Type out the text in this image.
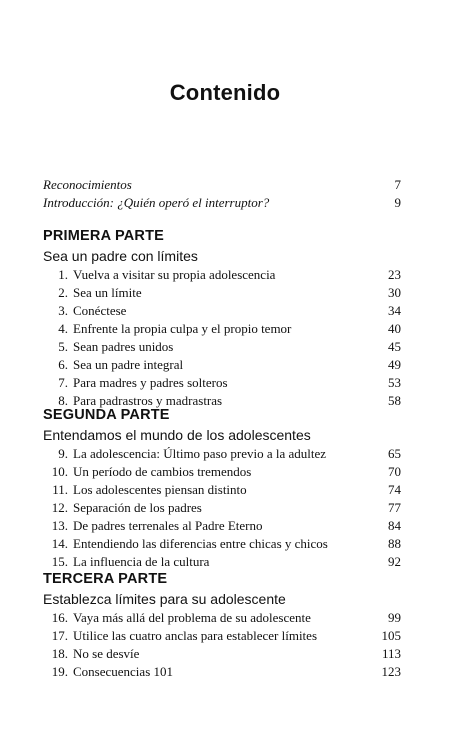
Contenido
Reconocimientos	7
Introducción: ¿Quién operó el interruptor?	9
PRIMERA PARTE
Sea un padre con límites
1. Vuelva a visitar su propia adolescencia	23
2. Sea un límite	30
3. Conéctese	34
4. Enfrente la propia culpa y el propio temor	40
5. Sean padres unidos	45
6. Sea un padre integral	49
7. Para madres y padres solteros	53
8. Para padrastros y madrastras	58
SEGUNDA PARTE
Entendamos el mundo de los adolescentes
9. La adolescencia: Último paso previo a la adultez	65
10. Un período de cambios tremendos	70
11. Los adolescentes piensan distinto	74
12. Separación de los padres	77
13. De padres terrenales al Padre Eterno	84
14. Entendiendo las diferencias entre chicas y chicos	88
15. La influencia de la cultura	92
TERCERA PARTE
Establezca límites para su adolescente
16. Vaya más allá del problema de su adolescente	99
17. Utilice las cuatro anclas para establecer límites	105
18. No se desvíe	113
19. Consecuencias 101	123
